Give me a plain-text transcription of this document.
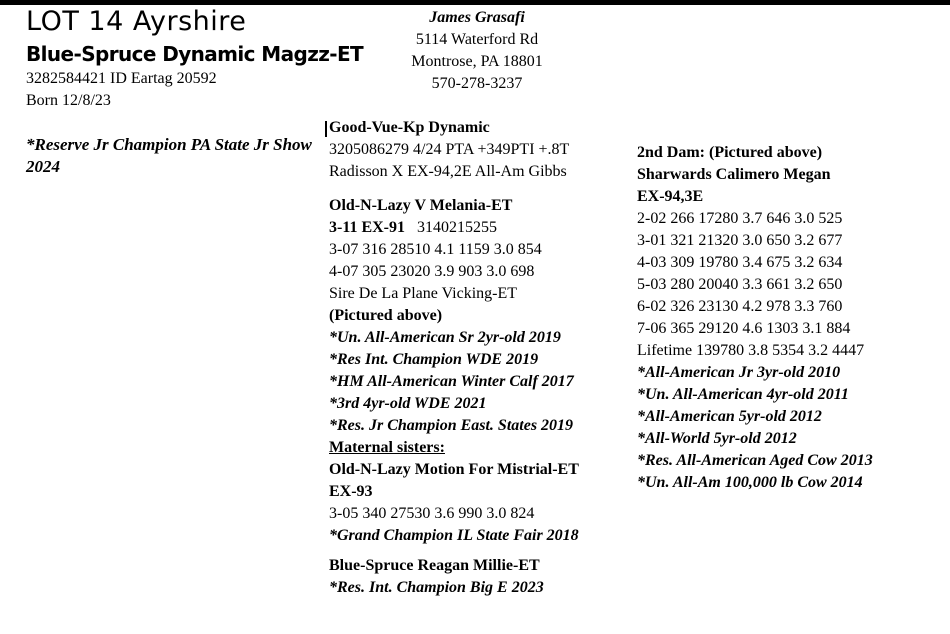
LOT 14 Ayrshire
Blue-Spruce Dynamic Magzz-ET
3282584421 ID Eartag 20592
Born 12/8/23
*Reserve Jr Champion PA State Jr Show 2024
James Grasafi
5114 Waterford Rd
Montrose, PA 18801
570-278-3237
Good-Vue-Kp Dynamic
3205086279 4/24 PTA +349PTI +.8T
Radisson X EX-94,2E All-Am Gibbs
Old-N-Lazy V Melania-ET
3-11 EX-91 3140215255
3-07 316 28510 4.1 1159 3.0 854
4-07 305 23020 3.9 903 3.0 698
Sire De La Plane Vicking-ET
(Pictured above)
*Un. All-American Sr 2yr-old 2019
*Res Int. Champion WDE 2019
*HM All-American Winter Calf 2017
*3rd 4yr-old WDE 2021
*Res. Jr Champion East. States 2019
Maternal sisters:
Old-N-Lazy Motion For Mistrial-ET
EX-93
3-05 340 27530 3.6 990 3.0 824
*Grand Champion IL State Fair 2018
Blue-Spruce Reagan Millie-ET
*Res. Int. Champion Big E 2023
2nd Dam: (Pictured above)
Sharwards Calimero Megan
EX-94,3E
2-02 266 17280 3.7 646 3.0 525
3-01 321 21320 3.0 650 3.2 677
4-03 309 19780 3.4 675 3.2 634
5-03 280 20040 3.3 661 3.2 650
6-02 326 23130 4.2 978 3.3 760
7-06 365 29120 4.6 1303 3.1 884
Lifetime 139780 3.8 5354 3.2 4447
*All-American Jr 3yr-old 2010
*Un. All-American 4yr-old 2011
*All-American 5yr-old 2012
*All-World 5yr-old 2012
*Res. All-American Aged Cow 2013
*Un. All-Am 100,000 lb Cow 2014
